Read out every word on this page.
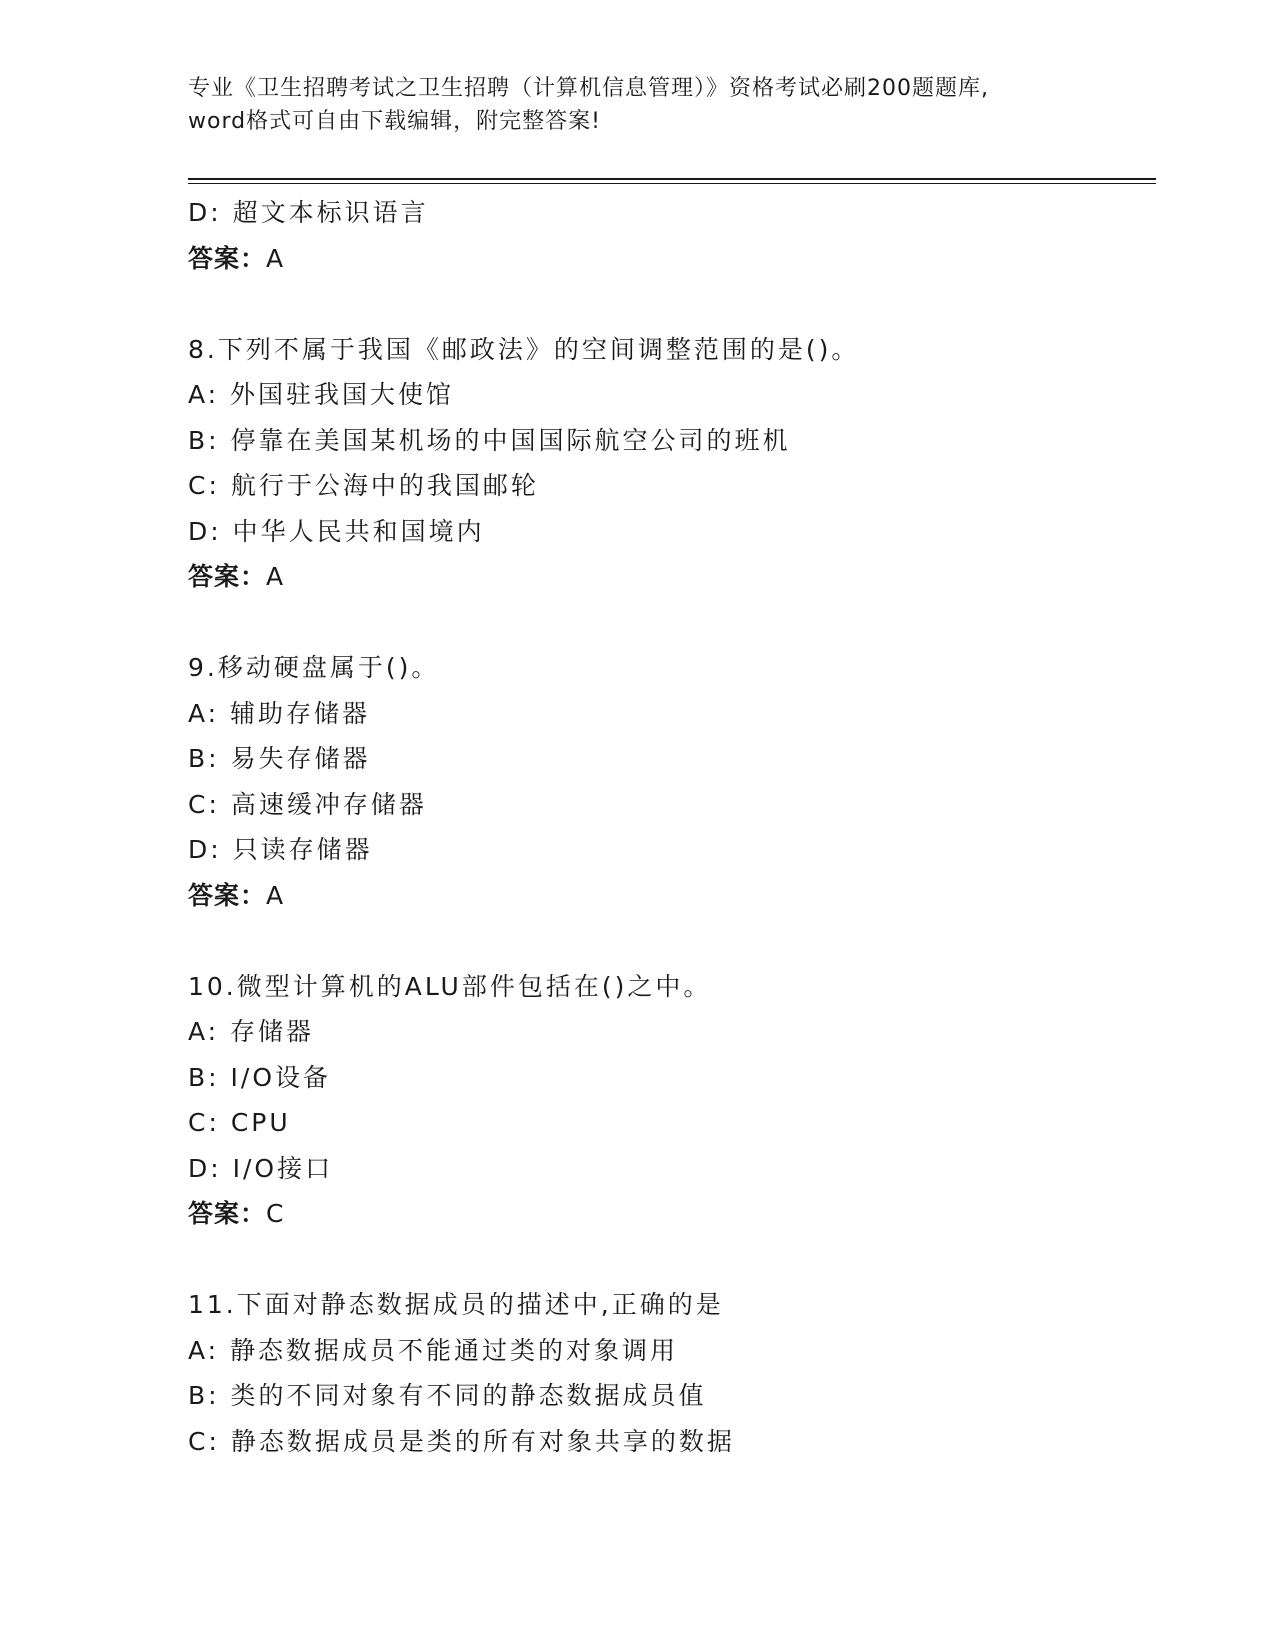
专业《卫生招聘考试之卫生招聘（计算机信息管理）》资格考试必刷200题题库,
word格式可自由下载编辑，附完整答案!
D: 超文本标识语言
答案：A
8.下列不属于我国《邮政法》的空间调整范围的是()。
A: 外国驻我国大使馆
B: 停靠在美国某机场的中国国际航空公司的班机
C: 航行于公海中的我国邮轮
D: 中华人民共和国境内
答案：A
9.移动硬盘属于()。
A: 辅助存储器
B: 易失存储器
C: 高速缓冲存储器
D: 只读存储器
答案：A
10.微型计算机的ALU部件包括在()之中。
A: 存储器
B: I/O设备
C: CPU
D: I/O接口
答案：C
11.下面对静态数据成员的描述中,正确的是
A: 静态数据成员不能通过类的对象调用
B: 类的不同对象有不同的静态数据成员值
C: 静态数据成员是类的所有对象共享的数据
